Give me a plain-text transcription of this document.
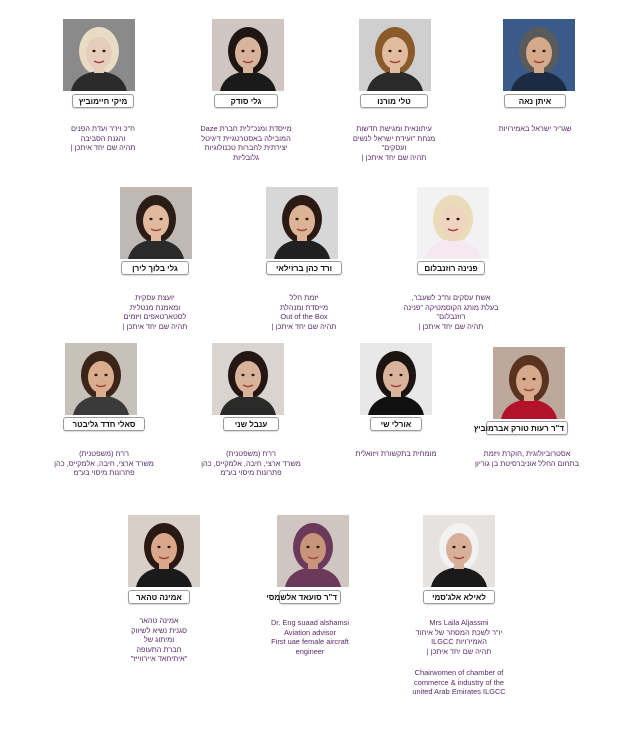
מיקי חיימוביץ
ח"כ ויו"ר ועדת הפנים
והגנת הסביבה
תהיה שם יחד איתכן |
גלי סודק
מייסדת ומנכ"לית חברת Daze
המובילה באסטרטגיית דיגיטל
יצירתית לחברות טכנולוגיות
גלובליות
טלי מורנו
עיתונאית ומגישת חדשות
מנחת "ועידת ישראל לנשים
ועסקים"
תהיה שם יחד איתכן |
איתן נאה
שגריר ישראל באמירויות
גלי בלוך לירן
יועצת עסקית
ומאמנת מנטלית
לסטארטאפים ויזמים
תהיה שם יחד איתכן |
ורד כהן ברזילאי
יזמת חלל
מייסדת ומנהלת
Out of the Box
תהיה שם יחד איתכן |
פנינה רוזנבלום
אשת עסקים וח"כ לשעבר,
בעלת מותג הקוסמטיקה "פנינה
רוזנבלום"
תהיה שם יחד איתכן |
סאלי חדד גליבטר
רו"ח (משפטנית)
משרד ארצי, חיבה, אלמקייס, כהן
פתרונות מיסוי בע"מ
ענבל שני
רו"ח (משפטנית)
משרד ארצי, חיבה, אלמקייס, כהן
פתרונות מיסוי בע"מ
אורלי שי
מומחית בתקשורת ויזואלית
ד"ר רעות טורק אברמוביץ
אסטרוביולוגית ,חוקרת ויזמת
בתחום החלל אוניברסיטת בן גוריון
אמינה טהאר
אמינה טהאר
סגנית נשיא לשיווק
ומיתוג של
חברת התעופה
"איתיחאד איירווייז"
ד"ר סועאד אלשמסי
Dr. Eng suaad alshamsi
Aviation advisor
First uae female aircraft
engineer
לאילא אלג'סמי
Mrs Laila Aljassmi
יו"ר לשכת המסחר של איחוד
האמירויות ILGCC
תהיה שם יחד איתכן |
Chairwomen of chamber of
commerce & industry of the
united Arab Emirates ILGCC
